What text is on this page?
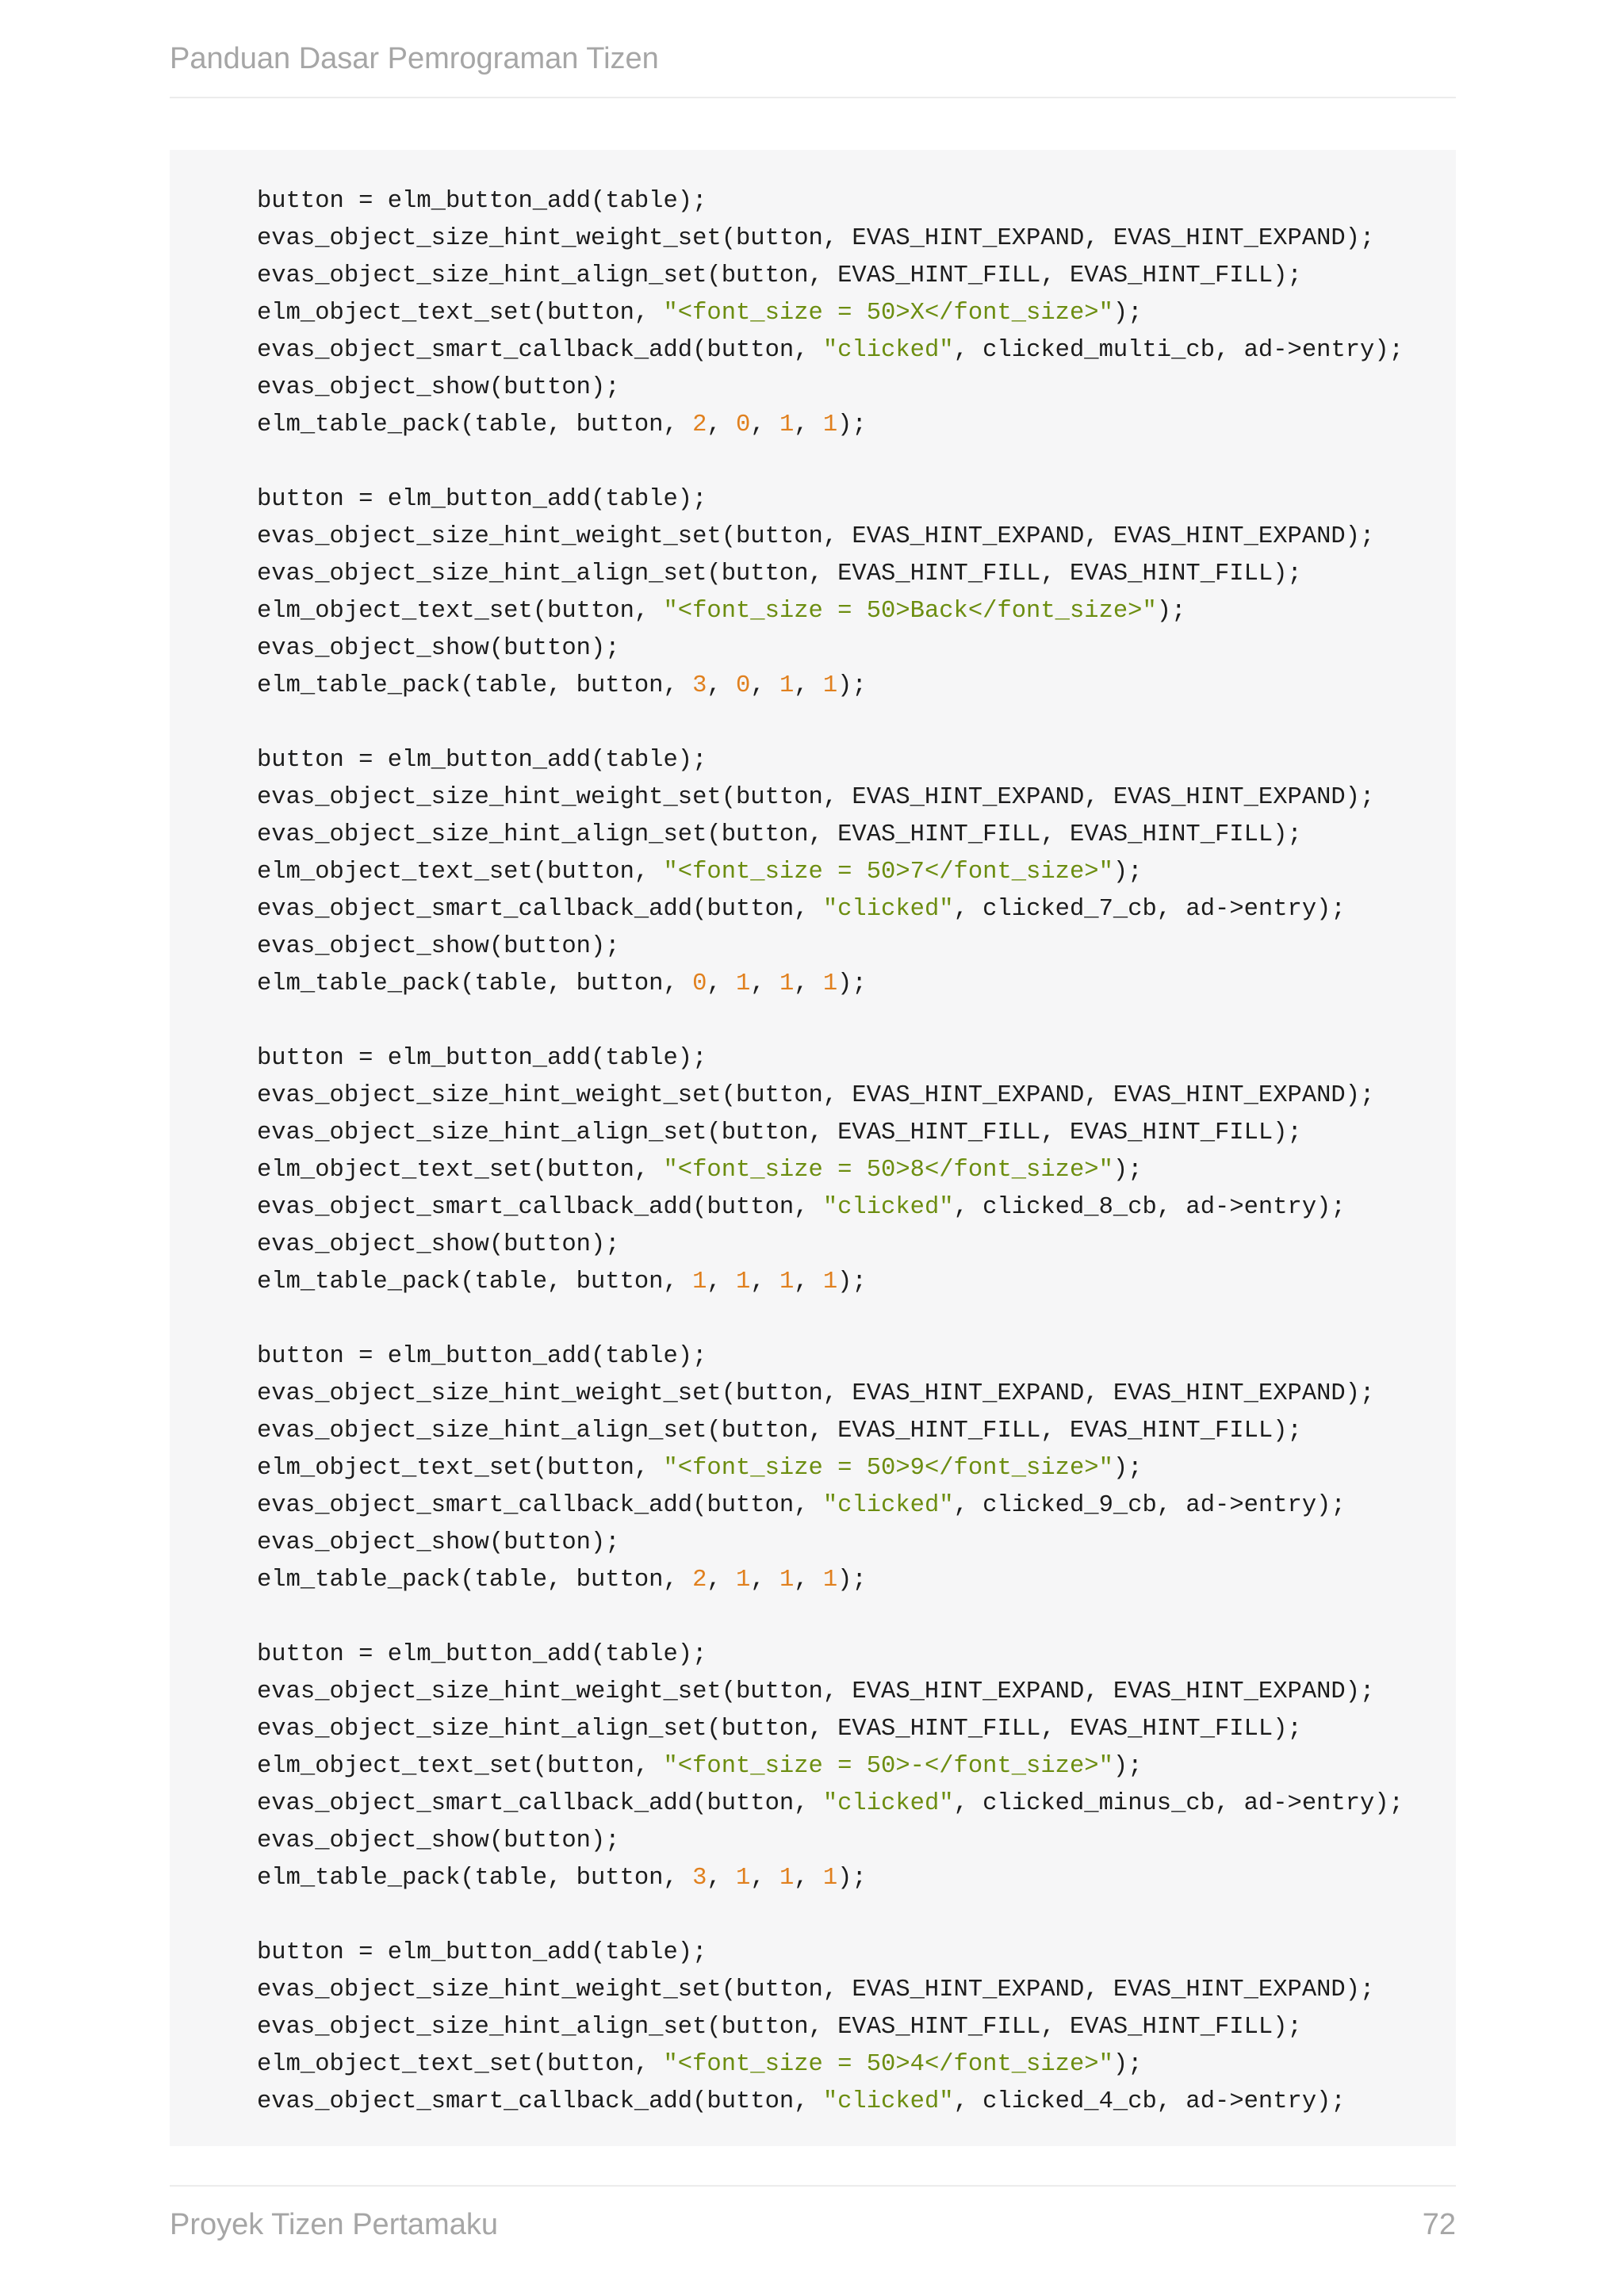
Panduan Dasar Pemrograman Tizen
button = elm_button_add(table);
evas_object_size_hint_weight_set(button, EVAS_HINT_EXPAND, EVAS_HINT_EXPAND);
evas_object_size_hint_align_set(button, EVAS_HINT_FILL, EVAS_HINT_FILL);
elm_object_text_set(button, "<font_size = 50>X</font_size>");
evas_object_smart_callback_add(button, "clicked", clicked_multi_cb, ad->entry);
evas_object_show(button);
elm_table_pack(table, button, 2, 0, 1, 1);

button = elm_button_add(table);
evas_object_size_hint_weight_set(button, EVAS_HINT_EXPAND, EVAS_HINT_EXPAND);
evas_object_size_hint_align_set(button, EVAS_HINT_FILL, EVAS_HINT_FILL);
elm_object_text_set(button, "<font_size = 50>Back</font_size>");
evas_object_show(button);
elm_table_pack(table, button, 3, 0, 1, 1);

button = elm_button_add(table);
evas_object_size_hint_weight_set(button, EVAS_HINT_EXPAND, EVAS_HINT_EXPAND);
evas_object_size_hint_align_set(button, EVAS_HINT_FILL, EVAS_HINT_FILL);
elm_object_text_set(button, "<font_size = 50>7</font_size>");
evas_object_smart_callback_add(button, "clicked", clicked_7_cb, ad->entry);
evas_object_show(button);
elm_table_pack(table, button, 0, 1, 1, 1);

button = elm_button_add(table);
evas_object_size_hint_weight_set(button, EVAS_HINT_EXPAND, EVAS_HINT_EXPAND);
evas_object_size_hint_align_set(button, EVAS_HINT_FILL, EVAS_HINT_FILL);
elm_object_text_set(button, "<font_size = 50>8</font_size>");
evas_object_smart_callback_add(button, "clicked", clicked_8_cb, ad->entry);
evas_object_show(button);
elm_table_pack(table, button, 1, 1, 1, 1);

button = elm_button_add(table);
evas_object_size_hint_weight_set(button, EVAS_HINT_EXPAND, EVAS_HINT_EXPAND);
evas_object_size_hint_align_set(button, EVAS_HINT_FILL, EVAS_HINT_FILL);
elm_object_text_set(button, "<font_size = 50>9</font_size>");
evas_object_smart_callback_add(button, "clicked", clicked_9_cb, ad->entry);
evas_object_show(button);
elm_table_pack(table, button, 2, 1, 1, 1);

button = elm_button_add(table);
evas_object_size_hint_weight_set(button, EVAS_HINT_EXPAND, EVAS_HINT_EXPAND);
evas_object_size_hint_align_set(button, EVAS_HINT_FILL, EVAS_HINT_FILL);
elm_object_text_set(button, "<font_size = 50>-</font_size>");
evas_object_smart_callback_add(button, "clicked", clicked_minus_cb, ad->entry);
evas_object_show(button);
elm_table_pack(table, button, 3, 1, 1, 1);

button = elm_button_add(table);
evas_object_size_hint_weight_set(button, EVAS_HINT_EXPAND, EVAS_HINT_EXPAND);
evas_object_size_hint_align_set(button, EVAS_HINT_FILL, EVAS_HINT_FILL);
elm_object_text_set(button, "<font_size = 50>4</font_size>");
evas_object_smart_callback_add(button, "clicked", clicked_4_cb, ad->entry);
Proyek Tizen Pertamaku	72
